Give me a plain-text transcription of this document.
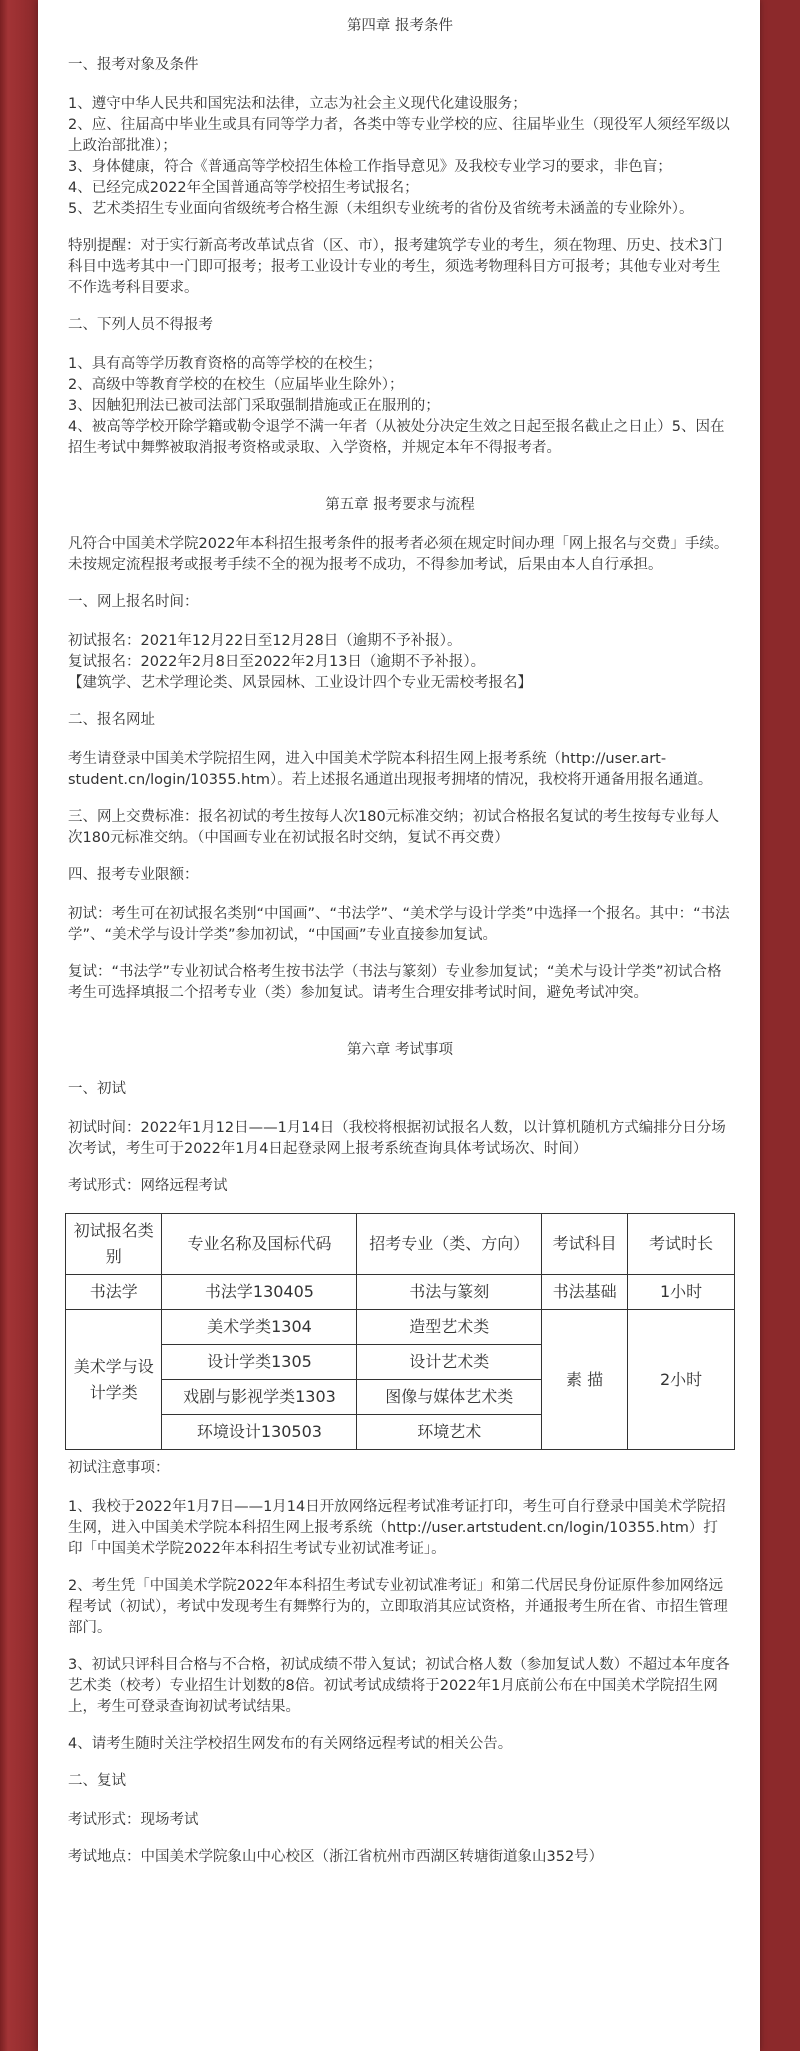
第四章 报考条件

一、报考对象及条件

1、遵守中华人民共和国宪法和法律，立志为社会主义现代化建设服务；

2、应、往届高中毕业生或具有同等学力者，各类中等专业学校的应、往届毕业生（现役军人须经军级以上政治部批准）；

3、身体健康，符合《普通高等学校招生体检工作指导意见》及我校专业学习的要求，非色盲；

4、已经完成2022年全国普通高等学校招生考试报名；

5、艺术类招生专业面向省级统考合格生源（未组织专业统考的省份及省统考未涵盖的专业除外）。

特别提醒：对于实行新高考改革试点省（区、市），报考建筑学专业的考生，须在物理、历史、技术3门科目中选考其中一门即可报考；报考工业设计专业的考生，须选考物理科目方可报考；其他专业对考生不作选考科目要求。

二、下列人员不得报考

1、具有高等学历教育资格的高等学校的在校生；

2、高级中等教育学校的在校生（应届毕业生除外）；

3、因触犯刑法已被司法部门采取强制措施或正在服刑的；

4、被高等学校开除学籍或勒令退学不满一年者（从被处分决定生效之日起至报名截止之日止）5、因在招生考试中舞弊被取消报考资格或录取、入学资格，并规定本年不得报考者。

第五章 报考要求与流程

凡符合中国美术学院2022年本科招生报考条件的报考者必须在规定时间办理「网上报名与交费」手续。未按规定流程报考或报考手续不全的视为报考不成功，不得参加考试，后果由本人自行承担。

一、网上报名时间：

初试报名：2021年12月22日至12月28日（逾期不予补报）。

复试报名：2022年2月8日至2022年2月13日（逾期不予补报）。

【建筑学、艺术学理论类、风景园林、工业设计四个专业无需校考报名】

二、报名网址

考生请登录中国美术学院招生网，进入中国美术学院本科招生网上报考系统（http://user.art-student.cn/login/10355.htm）。若上述报名通道出现报考拥堵的情况，我校将开通备用报名通道。

三、网上交费标准：报名初试的考生按每人次180元标准交纳；初试合格报名复试的考生按每专业每人次180元标准交纳。（中国画专业在初试报名时交纳，复试不再交费）

四、报考专业限额：

初试：考生可在初试报名类别“中国画”、“书法学”、“美术学与设计学类”中选择一个报名。其中：“书法学”、“美术学与设计学类”参加初试，“中国画”专业直接参加复试。

复试：“书法学”专业初试合格考生按书法学（书法与篆刻）专业参加复试；“美术与设计学类”初试合格考生可选择填报二个招考专业（类）参加复试。请考生合理安排考试时间，避免考试冲突。

第六章 考试事项

一、初试

初试时间：2022年1月12日——1月14日（我校将根据初试报名人数，以计算机随机方式编排分日分场次考试，考生可于2022年1月4日起登录网上报考系统查询具体考试场次、时间）

考试形式：网络远程考试

初试报名类别	专业名称及国标代码	招考专业（类、方向）	考试科目	考试时长
书法学	书法学130405	书法与篆刻	书法基础	1小时
美术学与设计学类	美术学类1304	造型艺术类	素 描	2小时
	设计学类1305	设计艺术类		
	戏剧与影视学类1303	图像与媒体艺术类		
	环境设计130503	环境艺术		

初试注意事项：

1、我校于2022年1月7日——1月14日开放网络远程考试准考证打印，考生可自行登录中国美术学院招生网，进入中国美术学院本科招生网上报考系统（http://user.artstudent.cn/login/10355.htm）打印「中国美术学院2022年本科招生考试专业初试准考证」。

2、考生凭「中国美术学院2022年本科招生考试专业初试准考证」和第二代居民身份证原件参加网络远程考试（初试），考试中发现考生有舞弊行为的，立即取消其应试资格，并通报考生所在省、市招生管理部门。

3、初试只评科目合格与不合格，初试成绩不带入复试；初试合格人数（参加复试人数）不超过本年度各艺术类（校考）专业招生计划数的8倍。初试考试成绩将于2022年1月底前公布在中国美术学院招生网上，考生可登录查询初试考试结果。

4、请考生随时关注学校招生网发布的有关网络远程考试的相关公告。

二、复试

考试形式：现场考试

考试地点：中国美术学院象山中心校区（浙江省杭州市西湖区转塘街道象山352号）
